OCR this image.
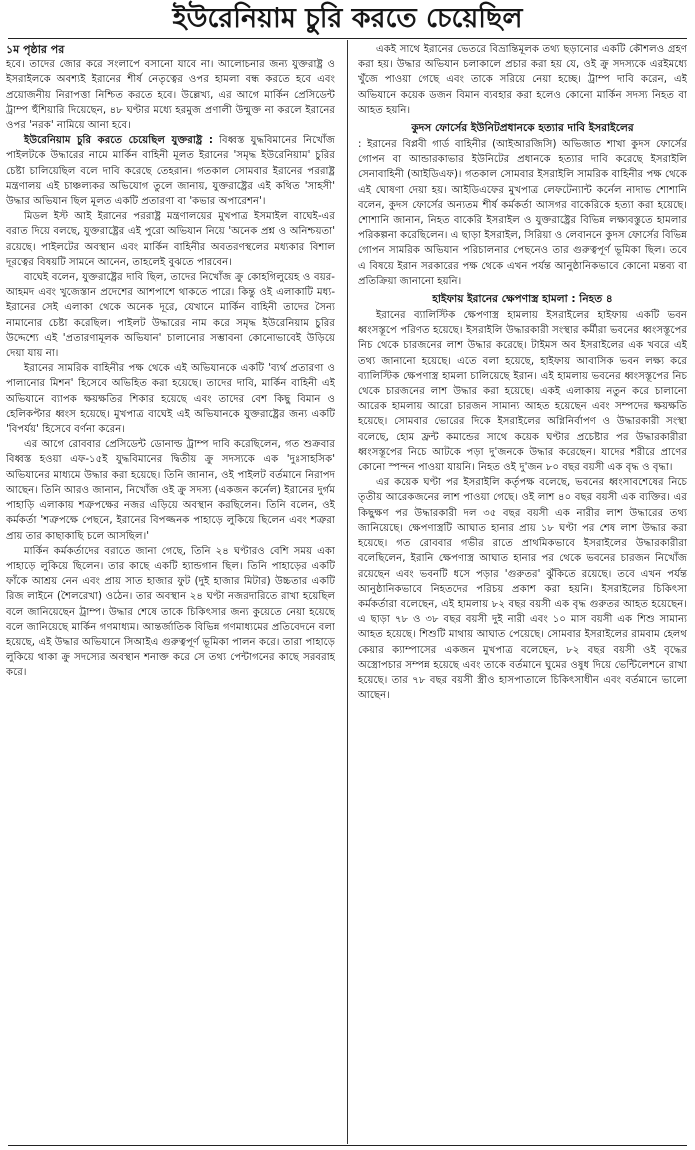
ইউরেনিয়াম চুরি করতে চেয়েছিল

১ম পৃষ্ঠার পর

হবে। তাদের জোর করে সংলাপে বসানো যাবে না। আলোচনার জন্য যুক্তরাষ্ট্র ও ইসরাইলকে অবশ্যই ইরানের শীর্ষ নেতৃত্বের ওপর হামলা বন্ধ করতে হবে এবং প্রয়োজনীয় নিরাপত্তা নিশ্চিত করতে হবে। উল্লেখ্য, এর আগে মার্কিন প্রেসিডেন্ট ট্রাম্প হুঁশিয়ারি দিয়েছেন, ৪৮ ঘণ্টার মধ্যে হরমুজ প্রণালী উন্মুক্ত না করলে ইরানের ওপর 'নরক' নামিয়ে আনা হবে।

ইউরেনিয়াম চুরি করতে চেয়েছিল যুক্তরাষ্ট্র : বিধ্বস্ত যুদ্ধবিমানের নিখোঁজ পাইলটকে উদ্ধারের নামে মার্কিন বাহিনী মূলত ইরানের 'সমৃদ্ধ ইউরেনিয়াম' চুরির চেষ্টা চালিয়েছিল বলে দাবি করেছে তেহরান। গতকাল সোমবার ইরানের পররাষ্ট্র মন্ত্রণালয় এই চাঞ্চল্যকর অভিযোগ তুলে জানায়, যুক্তরাষ্ট্রের এই কথিত 'সাহসী' উদ্ধার অভিযান ছিল মূলত একটি প্রতারণা বা 'কভার অপারেশন'।

মিডল ইস্ট আই ইরানের পররাষ্ট্র মন্ত্রণালয়ের মুখপাত্র ইসমাইল বাঘেই-এর বরাত দিয়ে বলছে, যুক্তরাষ্ট্রের এই পুরো অভিযান নিয়ে 'অনেক প্রশ্ন ও অনিশ্চয়তা' রয়েছে। পাইলটের অবস্থান এবং মার্কিন বাহিনীর অবতরণস্থলের মধ্যকার বিশাল দূরত্বের বিষয়টি সামনে আনেন, তাহলেই বুঝতে পারবেন।

বাঘেই বলেন, যুক্তরাষ্ট্রের দাবি ছিল, তাদের নিখোঁজ ক্রু কোহগিলুয়েহ ও বয়র-আহমদ এবং খুজেস্তান প্রদেশের আশপাশে থাকতে পারে। কিন্তু ওই এলাকাটি মধ্য-ইরানের সেই এলাকা থেকে অনেক দূরে, যেখানে মার্কিন বাহিনী তাদের সৈন্য নামানোর চেষ্টা করেছিল। পাইলট উদ্ধারের নাম করে সমৃদ্ধ ইউরেনিয়াম চুরির উদ্দেশ্যে এই 'প্রতারণামূলক অভিযান' চালানোর সম্ভাবনা কোনোভাবেই উড়িয়ে দেয়া যায় না।

ইরানের সামরিক বাহিনীর পক্ষ থেকে এই অভিযানকে একটি 'ব্যর্থ প্রতারণা ও পালানোর মিশন' হিসেবে অভিহিত করা হয়েছে। তাদের দাবি, মার্কিন বাহিনী এই অভিযানে ব্যাপক ক্ষয়ক্ষতির শিকার হয়েছে এবং তাদের বেশ কিছু বিমান ও হেলিকপ্টার ধ্বংস হয়েছে। মুখপাত্র বাঘেই এই অভিযানকে যুক্তরাষ্ট্রের জন্য একটি 'বিপর্যয়' হিসেবে বর্ণনা করেন।

এর আগে রোববার প্রেসিডেন্ট ডোনাল্ড ট্রাম্প দাবি করেছিলেন, গত শুক্রবার বিধ্বস্ত হওয়া এফ-১৫ই যুদ্ধবিমানের দ্বিতীয় ক্রু সদস্যকে এক 'দুঃসাহসিক' অভিযানের মাধ্যমে উদ্ধার করা হয়েছে। তিনি জানান, ওই পাইলট বর্তমানে নিরাপদ আছেন। তিনি আরও জানান, নিখোঁজ ওই ক্রু সদস্য (একজন কর্নেল) ইরানের দুর্গম পাহাড়ি এলাকায় শত্রুপক্ষের নজর এড়িয়ে অবস্থান করছিলেন। তিনি বলেন, ওই কর্মকর্তা 'শত্রুপক্ষে পেছনে, ইরানের বিপজ্জনক পাহাড়ে লুকিয়ে ছিলেন এবং শত্রুরা প্রায় তার কাছাকাছি চলে আসছিল।'

মার্কিন কর্মকর্তাদের বরাতে জানা গেছে, তিনি ২৪ ঘণ্টারও বেশি সময় একা পাহাড়ে লুকিয়ে ছিলেন। তার কাছে একটি হ্যান্ডগান ছিল। তিনি পাহাড়ের একটি ফাঁকে আশ্রয় নেন এবং প্রায় সাত হাজার ফুট (দুই হাজার মিটার) উচ্চতার একটি রিজ লাইনে (শৈলরেখা) ওঠেন। তার অবস্থান ২৪ ঘণ্টা নজরদারিতে রাখা হয়েছিল বলে জানিয়েছেন ট্রাম্প। উদ্ধার শেষে তাকে চিকিৎসার জন্য কুয়েতে নেয়া হয়েছে বলে জানিয়েছে মার্কিন গণমাধ্যম। আন্তর্জাতিক বিভিন্ন গণমাধ্যমের প্রতিবেদনে বলা হয়েছে, এই উদ্ধার অভিযানে সিআইএ গুরুত্বপূর্ণ ভূমিকা পালন করে। তারা পাহাড়ে লুকিয়ে থাকা ক্রু সদস্যের অবস্থান শনাক্ত করে সে তথ্য পেন্টাগনের কাছে সরবরাহ করে।

একই সাথে ইরানের ভেতরে বিভ্রান্তিমূলক তথ্য ছড়ানোর একটি কৌশলও গ্রহণ করা হয়। উদ্ধার অভিযান চলাকালে প্রচার করা হয় যে, ওই ক্রু সদস্যকে এরইমধ্যে খুঁজে পাওয়া গেছে এবং তাকে সরিয়ে নেয়া হচ্ছে। ট্রাম্প দাবি করেন, এই অভিযানে কয়েক ডজন বিমান ব্যবহার করা হলেও কোনো মার্কিন সদস্য নিহত বা আহত হয়নি।

কুদস ফোর্সের ইউনিটপ্রধানকে হত্যার দাবি ইসরাইলের

: ইরানের বিপ্লবী গার্ড বাহিনীর (আইআরজিসি) অভিজাত শাখা কুদস ফোর্সের গোপন বা আন্ডারকাভার ইউনিটের প্রধানকে হত্যার দাবি করেছে ইসরাইলি সেনাবাহিনী (আইডিএফ)। গতকাল সোমবার ইসরাইলি সামরিক বাহিনীর পক্ষ থেকে এই ঘোষণা দেয়া হয়। আইডিএফের মুখপাত্র লেফটেন্যান্ট কর্নেল নাদাভ শোশানি বলেন, কুদস ফোর্সের অন্যতম শীর্ষ কর্মকর্তা আসগর বাকেরিকে হত্যা করা হয়েছে। শোশানি জানান, নিহত বাকেরি ইসরাইল ও যুক্তরাষ্ট্রের বিভিন্ন লক্ষ্যবস্তুতে হামলার পরিকল্পনা করেছিলেন। এ ছাড়া ইসরাইল, সিরিয়া ও লেবাননে কুদস ফোর্সের বিভিন্ন গোপন সামরিক অভিযান পরিচালনার পেছনেও তার গুরুত্বপূর্ণ ভূমিকা ছিল। তবে এ বিষয়ে ইরান সরকারের পক্ষ থেকে এখন পর্যন্ত আনুষ্ঠানিকভাবে কোনো মন্তব্য বা প্রতিক্রিয়া জানানো হয়নি।

হাইফায় ইরানের ক্ষেপণাস্ত্র হামলা : নিহত ৪

ইরানের ব্যালিস্টিক ক্ষেপণাস্ত্র হামলায় ইসরাইলের হাইফায় একটি ভবন ধ্বংসস্তূপে পরিণত হয়েছে। ইসরাইলি উদ্ধারকারী সংস্থার কর্মীরা ভবনের ধ্বংসস্তূপের নিচ থেকে চারজনের লাশ উদ্ধার করেছে। টাইমস অব ইসরাইলের এক খবরে এই তথ্য জানানো হয়েছে। এতে বলা হয়েছে, হাইফায় আবাসিক ভবন লক্ষ্য করে ব্যালিস্টিক ক্ষেপণাস্ত্র হামলা চালিয়েছে ইরান। এই হামলায় ভবনের ধ্বংসস্তূপের নিচ থেকে চারজনের লাশ উদ্ধার করা হয়েছে। একই এলাকায় নতুন করে চালানো আরেক হামলায় আরো চারজন সামান্য আহত হয়েছেন এবং সম্পদের ক্ষয়ক্ষতি হয়েছে। সোমবার ভোরের দিকে ইসরাইলের অগ্নিনির্বাপণ ও উদ্ধারকারী সংস্থা বলেছে, হোম ফ্রন্ট কমান্ডের সাথে কয়েক ঘণ্টার প্রচেষ্টার পর উদ্ধারকারীরা ধ্বংসস্তূপের নিচে আটকে পড়া দু'জনকে উদ্ধার করেছেন। যাদের শরীরে প্রাণের কোনো স্পন্দন পাওয়া যায়নি। নিহত ওই দু'জন ৮০ বছর বয়সী এক বৃদ্ধ ও বৃদ্ধা।

এর কয়েক ঘণ্টা পর ইসরাইলি কর্তৃপক্ষ বলেছে, ভবনের ধ্বংসাবশেষের নিচে তৃতীয় আরেকজনের লাশ পাওয়া গেছে। ওই লাশ ৪০ বছর বয়সী এক ব্যক্তির। এর কিছুক্ষণ পর উদ্ধারকারী দল ৩৫ বছর বয়সী এক নারীর লাশ উদ্ধারের তথ্য জানিয়েছে। ক্ষেপণাস্ত্রটি আঘাত হানার প্রায় ১৮ ঘণ্টা পর শেষ লাশ উদ্ধার করা হয়েছে। গত রোববার গভীর রাতে প্রাথমিকভাবে ইসরাইলের উদ্ধারকারীরা বলেছিলেন, ইরানি ক্ষেপণাস্ত্র আঘাত হানার পর থেকে ভবনের চারজন নিখোঁজ রয়েছেন এবং ভবনটি ধসে পড়ার 'গুরুতর' ঝুঁকিতে রয়েছে। তবে এখন পর্যন্ত আনুষ্ঠানিকভাবে নিহতদের পরিচয় প্রকাশ করা হয়নি। ইসরাইলের চিকিৎসা কর্মকর্তারা বলেছেন, এই হামলায় ৮২ বছর বয়সী এক বৃদ্ধ গুরুতর আহত হয়েছেন। এ ছাড়া ৭৮ ও ৩৮ বছর বয়সী দুই নারী এবং ১০ মাস বয়সী এক শিশু সামান্য আহত হয়েছে। শিশুটি মাথায় আঘাত পেয়েছে। সোমবার ইসরাইলের রামবাম হেলথ কেয়ার ক্যাম্পাসের একজন মুখপাত্র বলেছেন, ৮২ বছর বয়সী ওই বৃদ্ধের অস্ত্রোপচার সম্পন্ন হয়েছে এবং তাকে বর্তমানে ঘুমের ওষুধ দিয়ে ভেন্টিলেশনে রাখা হয়েছে। তার ৭৮ বছর বয়সী স্ত্রীও হাসপাতালে চিকিৎসাধীন এবং বর্তমানে ভালো আছেন।
